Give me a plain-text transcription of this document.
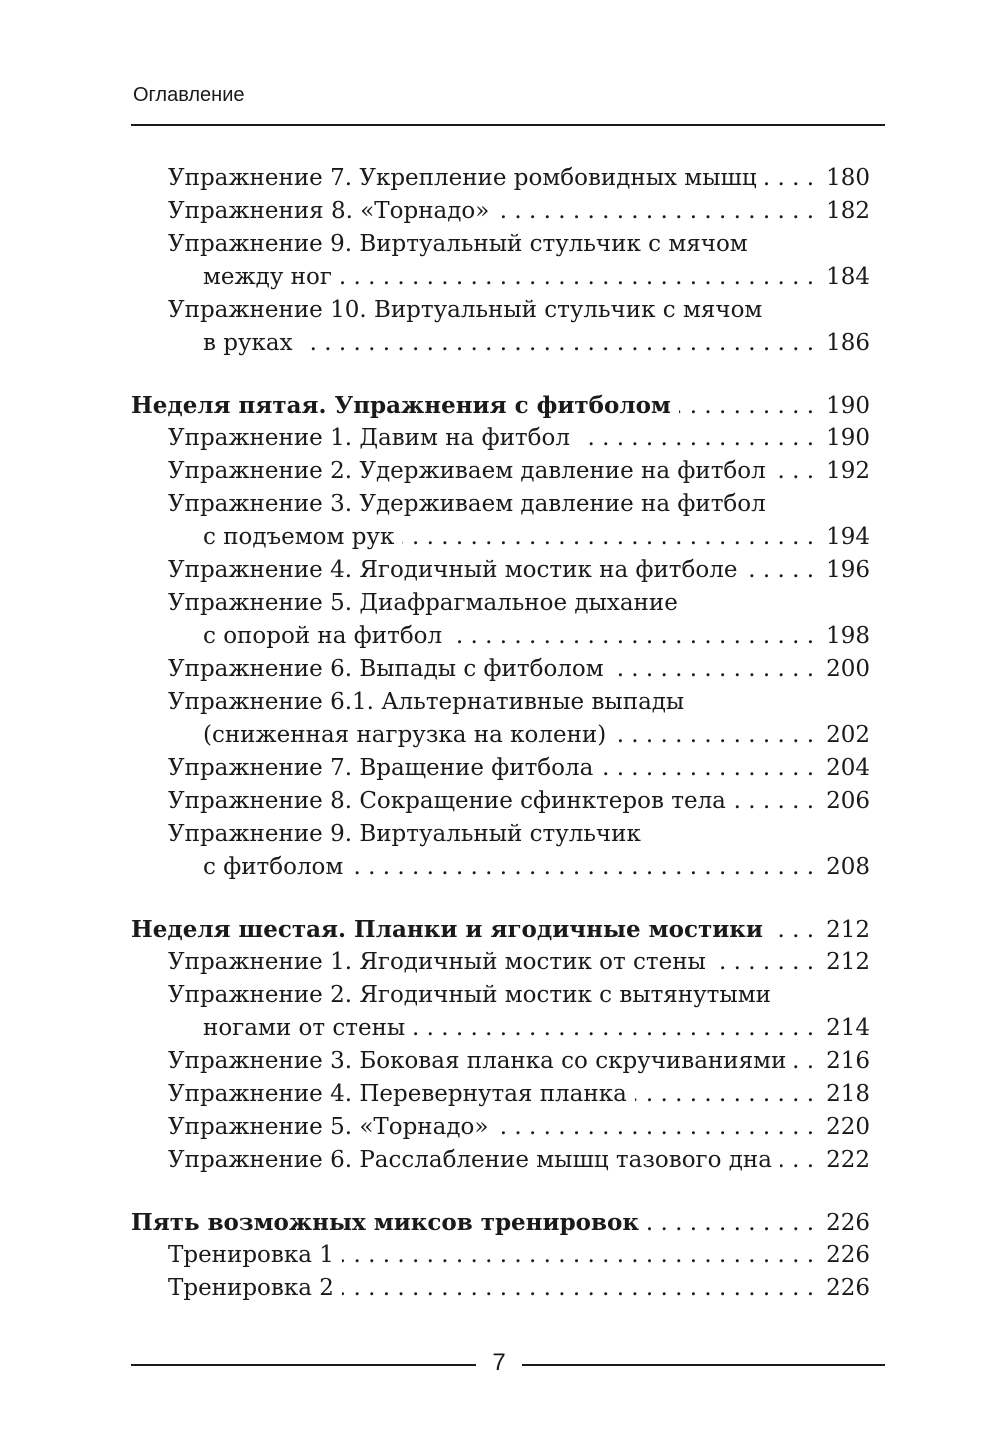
Оглавление
Упражнение 7. Укрепление ромбовидных мышц . . .	180
Упражнения 8. «Торнадо» . . .	182
Упражнение 9. Виртуальный стульчик с мячом
между ног . . .	184
Упражнение 10. Виртуальный стульчик с мячом
в руках . . .	186
Неделя пятая. Упражнения с фитболом . . .	190
Упражнение 1. Давим на фитбол . . .	190
Упражнение 2. Удерживаем давление на фитбол . . .	192
Упражнение 3. Удерживаем давление на фитбол
с подъемом рук . . .	194
Упражнение 4. Ягодичный мостик на фитболе . . .	196
Упражнение 5. Диафрагмальное дыхание
с опорой на фитбол . . .	198
Упражнение 6. Выпады с фитболом . . .	200
Упражнение 6.1. Альтернативные выпады
(сниженная нагрузка на колени) . . .	202
Упражнение 7. Вращение фитбола . . .	204
Упражнение 8. Сокращение сфинктеров тела . . .	206
Упражнение 9. Виртуальный стульчик
с фитболом . . .	208
Неделя шестая. Планки и ягодичные мостики . . .	212
Упражнение 1. Ягодичный мостик от стены . . .	212
Упражнение 2. Ягодичный мостик с вытянутыми
ногами от стены . . .	214
Упражнение 3. Боковая планка со скручиваниями . . . 216
Упражнение 4. Перевернутая планка . . .	218
Упражнение 5. «Торнадо» . . .	220
Упражнение 6. Расслабление мышц тазового дна . . . 222
Пять возможных миксов тренировок . . .	226
Тренировка 1 . . .	226
Тренировка 2 . . .	226
7
